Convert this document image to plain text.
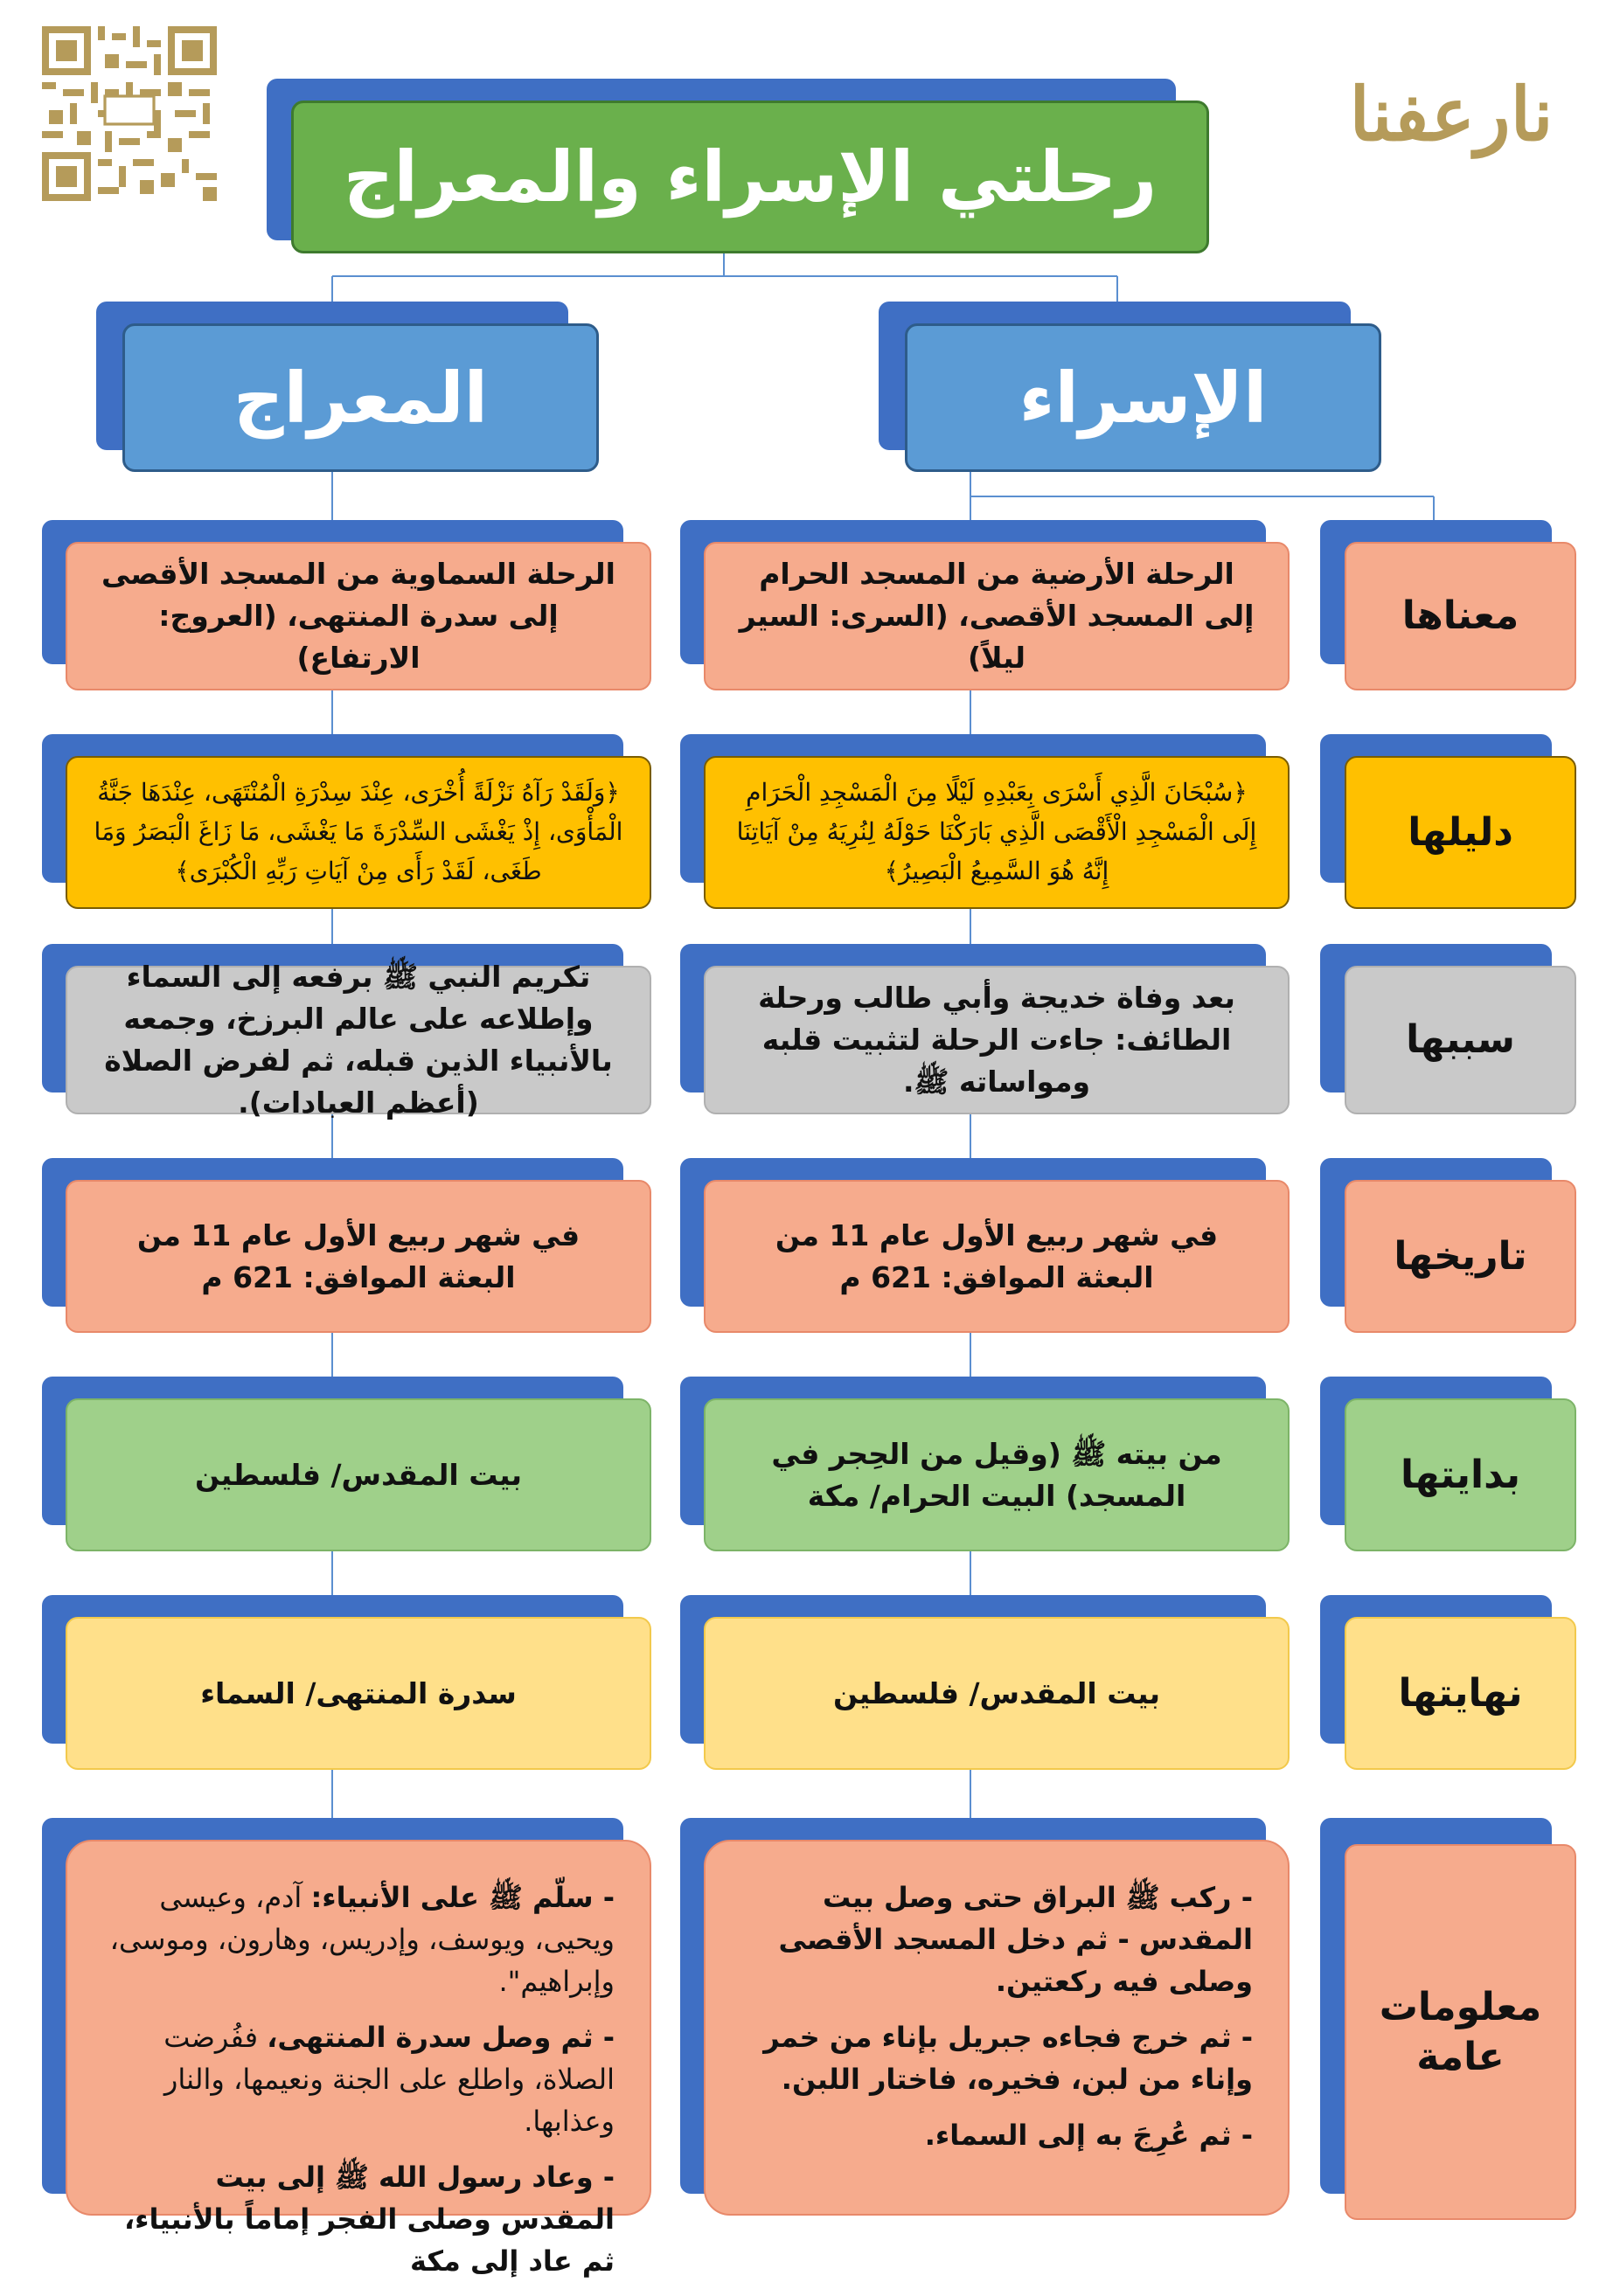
نارعفنا
رحلتي الإسراء والمعراج
الإسراء
المعراج
معناها
الرحلة الأرضية من المسجد الحرام إلى المسجد الأقصى، (السرى: السير ليلاً)
الرحلة السماوية من المسجد الأقصى إلى سدرة المنتهى، (العروج: الارتفاع)
دليلها
﴿سُبْحَانَ الَّذِي أَسْرَى بِعَبْدِهِ لَيْلًا مِنَ الْمَسْجِدِ الْحَرَامِ إِلَى الْمَسْجِدِ الْأَقْصَى الَّذِي بَارَكْنَا حَوْلَهُ لِنُرِيَهُ مِنْ آيَاتِنَا إِنَّهُ هُوَ السَّمِيعُ الْبَصِيرُ﴾
﴿وَلَقَدْ رَآهُ نَزْلَةً أُخْرَى، عِنْدَ سِدْرَةِ الْمُنْتَهَى، عِنْدَهَا جَنَّةُ الْمَأْوَى، إِذْ يَغْشَى السِّدْرَةَ مَا يَغْشَى، مَا زَاغَ الْبَصَرُ وَمَا طَغَى، لَقَدْ رَأَى مِنْ آيَاتِ رَبِّهِ الْكُبْرَى﴾
سببها
بعد وفاة خديجة وأبي طالب ورحلة الطائف: جاءت الرحلة لتثبيت قلبه ومواساته ﷺ.
تكريم النبي ﷺ برفعه إلى السماء وإطلاعه على عالم البرزخ، وجمعه بالأنبياء الذين قبله، ثم لفرض الصلاة (أعظم العبادات).
تاريخها
في شهر ربيع الأول عام 11 من البعثة الموافق: 621 م
في شهر ربيع الأول عام 11 من البعثة الموافق: 621 م
بدايتها
من بيته ﷺ (وقيل من الحِجر في المسجد) البيت الحرام/ مكة
بيت المقدس/ فلسطين
نهايتها
بيت المقدس/ فلسطين
سدرة المنتهى/ السماء
معلومات عامة

- ركب ﷺ البراق حتى وصل بيت المقدس - ثم دخل المسجد الأقصى وصلى فيه ركعتين.

- ثم خرج فجاءه جبريل بإناء من خمر وإناء من لبن، فخيره، فاختار اللبن.

- ثم عُرِجَ به إلى السماء.

- سلّم ﷺ على الأنبياء: آدم، وعيسى ويحيى، ويوسف، وإدريس، وهارون، وموسى، وإبراهيم".

- ثم وصل سدرة المنتهى، ففُرضت الصلاة، واطلع على الجنة ونعيمها، والنار وعذابها.

- وعاد رسول الله ﷺ إلى بيت المقدس وصلى الفجر إماماً بالأنبياء، ثم عاد إلى مكة
